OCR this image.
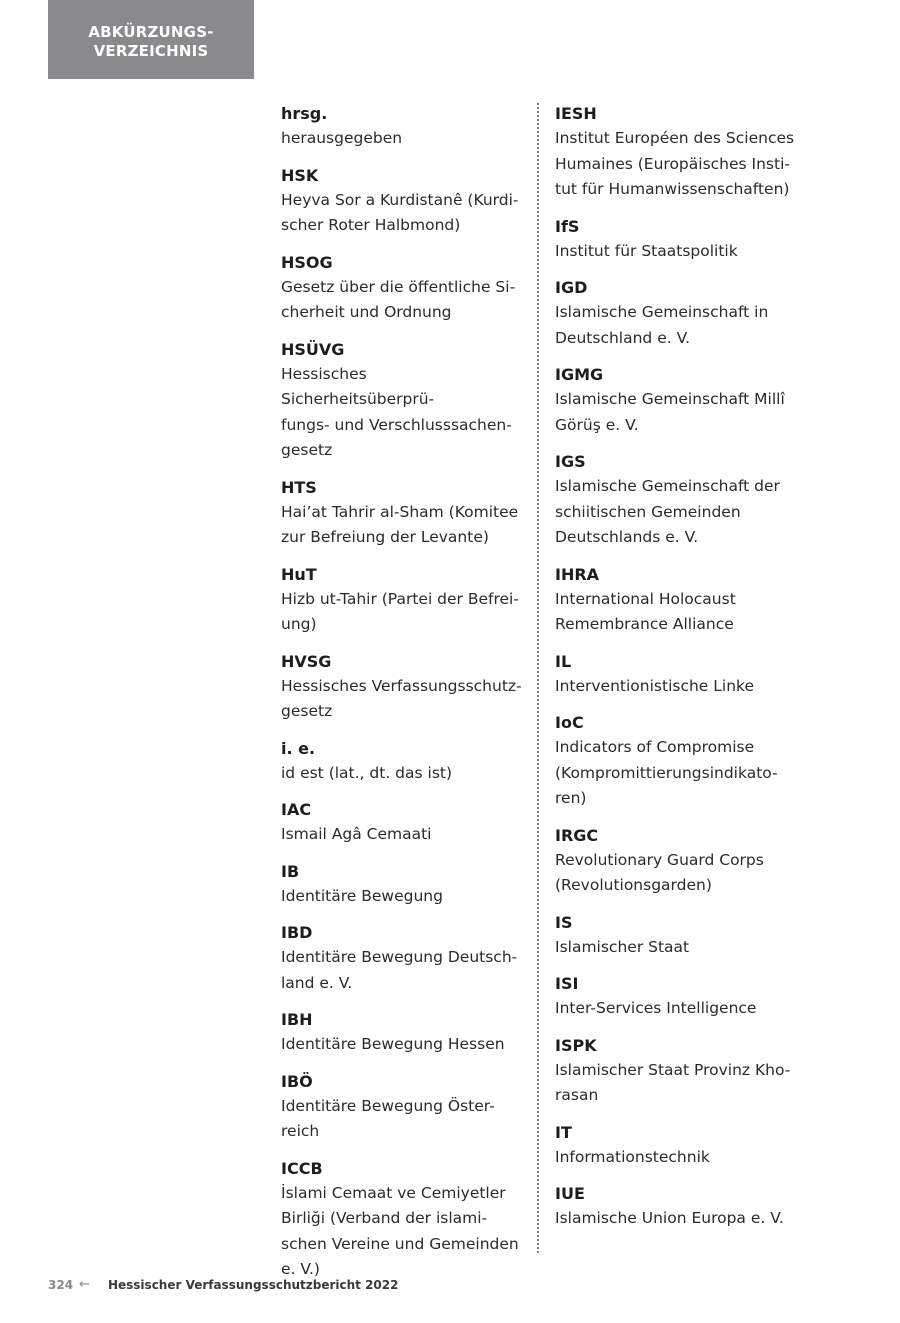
ABKÜRZUNGS-
VERZEICHNIS
hrsg.
herausgegeben
HSK
Heyva Sor a Kurdistanê (Kurdi-
scher Roter Halbmond)
HSOG
Gesetz über die öffentliche Si-
cherheit und Ordnung
HSÜVG
Hessisches Sicherheitsüberprü-
fungs- und Verschlusssachen-
gesetz
HTS
Hai’at Tahrir al-Sham (Komitee
zur Befreiung der Levante)
HuT
Hizb ut-Tahir (Partei der Befrei-
ung)
HVSG
Hessisches Verfassungsschutz-
gesetz
i. e.
id est (lat., dt. das ist)
IAC
Ismail Agâ Cemaati
IB
Identitäre Bewegung
IBD
Identitäre Bewegung Deutsch-
land e. V.
IBH
Identitäre Bewegung Hessen
IBÖ
Identitäre Bewegung Öster-
reich
ICCB
İslami Cemaat ve Cemiyetler
Birliği (Verband der islami-
schen Vereine und Gemeinden
e. V.)
IESH
Institut Européen des Sciences
Humaines (Europäisches Insti-
tut für Humanwissenschaften)
IfS
Institut für Staatspolitik
IGD
Islamische Gemeinschaft in
Deutschland e. V.
IGMG
Islamische Gemeinschaft Millî
Görüş e. V.
IGS
Islamische Gemeinschaft der
schiitischen Gemeinden
Deutschlands e. V.
IHRA
International Holocaust
Remembrance Alliance
IL
Interventionistische Linke
IoC
Indicators of Compromise
(Kompromittierungsindikato-
ren)
IRGC
Revolutionary Guard Corps
(Revolutionsgarden)
IS
Islamischer Staat
ISI
Inter-Services Intelligence
ISPK
Islamischer Staat Provinz Kho-
rasan
IT
Informationstechnik
IUE
Islamische Union Europa e. V.
324 ← Hessischer Verfassungsschutzbericht 2022
